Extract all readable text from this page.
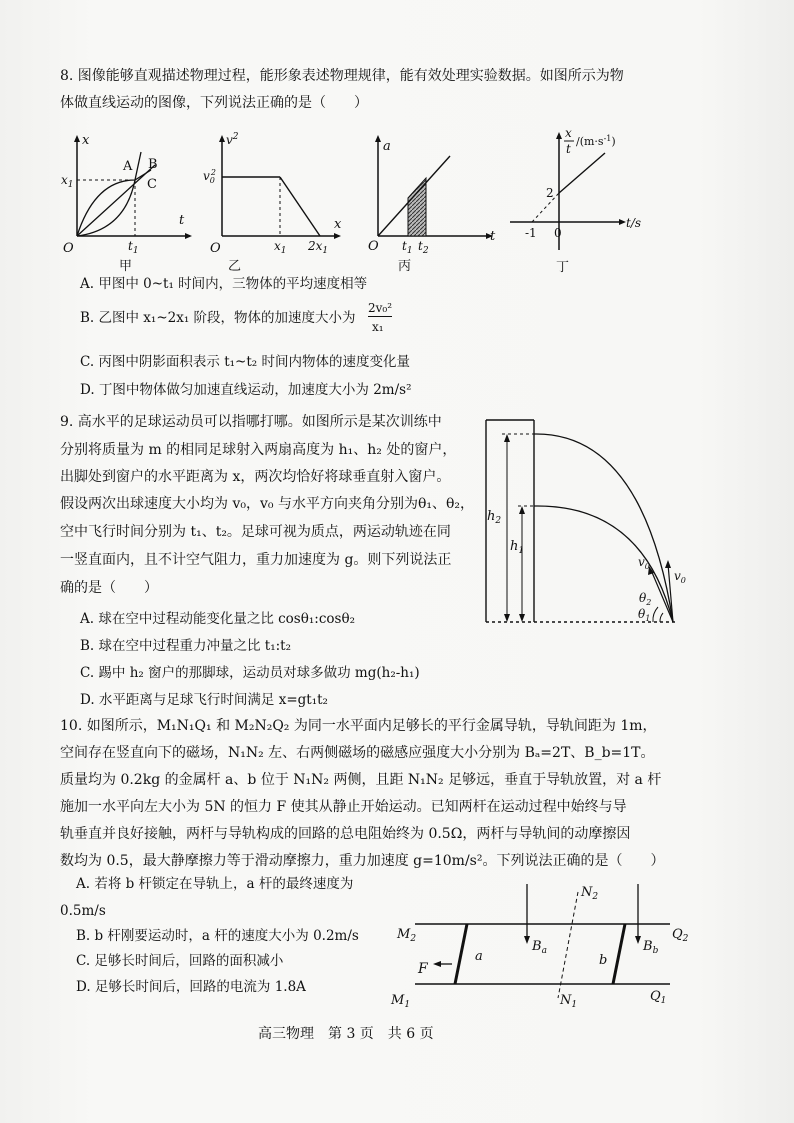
8. 图像能够直观描述物理过程，能形象表述物理规律，能有效处理实验数据。如图所示为物
体做直线运动的图像，下列说法正确的是（　　）
x
t
O
$x_1$
$t_1$
A B
C
甲
$v^2$
x
O
$v_02$
$x_1$ $2x_1$
乙
a
t
O $t_1$ $t_2$
丙
x
t
$/(m\cdot s^{-1})$
t/s
2
-1 0
丁
A. 甲图中 0~t₁ 时间内，三物体的平均速度相等
B. 乙图中 x₁~2x₁ 阶段，物体的加速度大小为
2v₀²
x₁
C. 丙图中阴影面积表示 t₁~t₂ 时间内物体的速度变化量
D. 丁图中物体做匀加速直线运动，加速度大小为 2m/s²
9. 高水平的足球运动员可以指哪打哪。如图所示是某次训练中
分别将质量为 m 的相同足球射入两扇高度为 h₁、h₂ 处的窗户，
出脚处到窗户的水平距离为 x，两次均恰好将球垂直射入窗户。
假设两次出球速度大小均为 v₀，v₀ 与水平方向夹角分别为θ₁、θ₂，
空中飞行时间分别为 t₁、t₂。足球可视为质点，两运动轨迹在同
一竖直面内，且不计空气阻力，重力加速度为 g。则下列说法正
确的是（　　）
$h_2$
$h_1$
$v_0$
$v_0$
$\theta_2$
$\theta_1$
A. 球在空中过程动能变化量之比 cosθ₁:cosθ₂
B. 球在空中过程重力冲量之比 t₁:t₂
C. 踢中 h₂ 窗户的那脚球，运动员对球多做功 mg(h₂-h₁)
D. 水平距离与足球飞行时间满足 x=gt₁t₂
10. 如图所示，M₁N₁Q₁ 和 M₂N₂Q₂ 为同一水平面内足够长的平行金属导轨，导轨间距为 1m，
空间存在竖直向下的磁场，N₁N₂ 左、右两侧磁场的磁感应强度大小分别为 Bₐ=2T、B_b=1T。
质量均为 0.2kg 的金属杆 a、b 位于 N₁N₂ 两侧，且距 N₁N₂ 足够远，垂直于导轨放置，对 a 杆
施加一水平向左大小为 5N 的恒力 F 使其从静止开始运动。已知两杆在运动过程中始终与导
轨垂直并良好接触，两杆与导轨构成的回路的总电阻始终为 0.5Ω，两杆与导轨间的动摩擦因
数均为 0.5，最大静摩擦力等于滑动摩擦力，重力加速度 g=10m/s²。下列说法正确的是（　　）
A. 若将 b 杆锁定在导轨上，a 杆的最终速度为
0.5m/s
B. b 杆刚要运动时，a 杆的速度大小为 0.2m/s
C. 足够长时间后，回路的面积减小
D. 足够长时间后，回路的电流为 1.8A
$M_2$
$M_1$
$Q_2$
$Q_1$
$N_2$
$N_1$
a
F
b
$B_a$	$B_b$
高三物理　第 3 页　共 6 页
